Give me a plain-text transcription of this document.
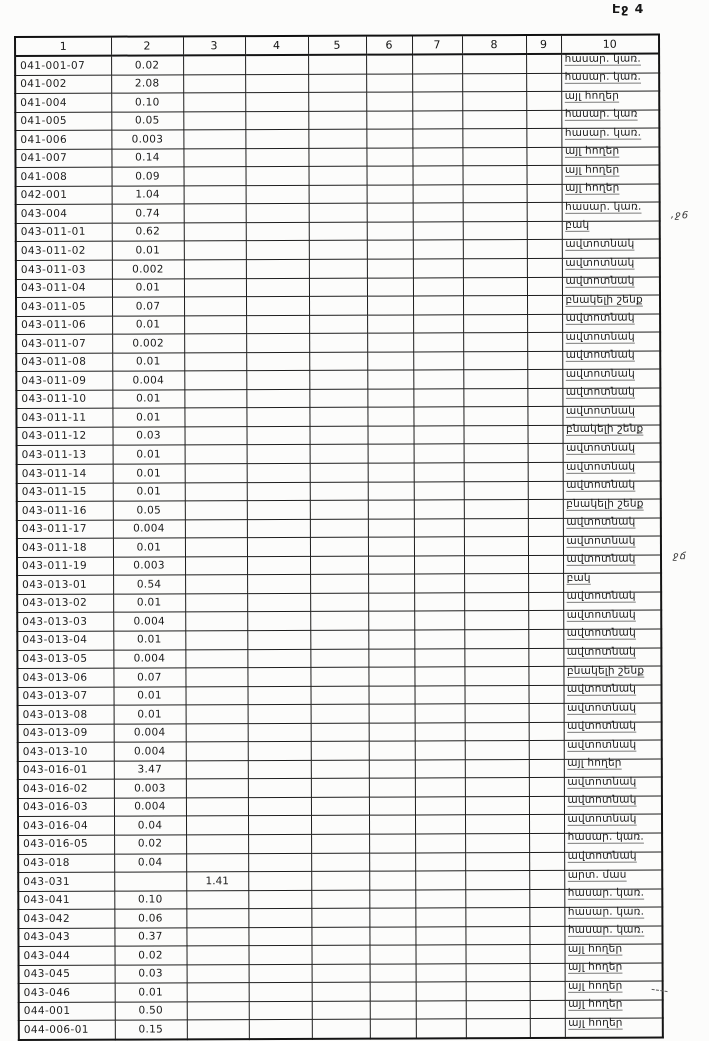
Էջ 4
1	2	3	4	5	6	7	8	9	10
041-001-07	0.02								հասար. կառ.
041-002	2.08								հասար. կառ.
041-004	0.10								այլ հողեր
041-005	0.05								հասար. կառ
041-006	0.003								հասար. կառ.
041-007	0.14								այլ հողեր
041-008	0.09								այլ հողեր
042-001	1.04								այլ հողեր
043-004	0.74								հասար. կառ.
043-011-01	0.62								բակ
043-011-02	0.01								ավտոտնակ
043-011-03	0.002								ավտոտնակ
043-011-04	0.01								ավտոտնակ
043-011-05	0.07								բնակելի շենք
043-011-06	0.01								ավտոտնակ
043-011-07	0.002								ավտոտնակ
043-011-08	0.01								ավտոտնակ
043-011-09	0.004								ավտոտնակ
043-011-10	0.01								ավտոտնակ
043-011-11	0.01								ավտոտնակ
043-011-12	0.03								բնակելի շենք
043-011-13	0.01								ավտոտնակ
043-011-14	0.01								ավտոտնակ
043-011-15	0.01								ավտոտնակ
043-011-16	0.05								բնակելի շենք
043-011-17	0.004								ավտոտնակ
043-011-18	0.01								ավտոտնակ
043-011-19	0.003								ավտոտնակ
043-013-01	0.54								բակ
043-013-02	0.01								ավտոտնակ
043-013-03	0.004								ավտոտնակ
043-013-04	0.01								ավտոտնակ
043-013-05	0.004								ավտոտնակ
043-013-06	0.07								բնակելի շենք
043-013-07	0.01								ավտոտնակ
043-013-08	0.01								ավտոտնակ
043-013-09	0.004								ավտոտնակ
043-013-10	0.004								ավտոտնակ
043-016-01	3.47								այլ հողեր
043-016-02	0.003								ավտոտնակ
043-016-03	0.004								ավտոտնակ
043-016-04	0.04								ավտոտնակ
043-016-05	0.02								հասար. կառ.
043-018	0.04								ավտոտնակ
043-031		1.41							արտ. մաս
043-041	0.10								հասար. կառ.
043-042	0.06								հասար. կառ.
043-043	0.37								հասար. կառ.
043-044	0.02								այլ հողեր
043-045	0.03								այլ հողեր
043-046	0.01								այլ հողեր
044-001	0.50								այլ հողեր
044-006-01	0.15								այլ հողեր
,ջ6
ջճ
